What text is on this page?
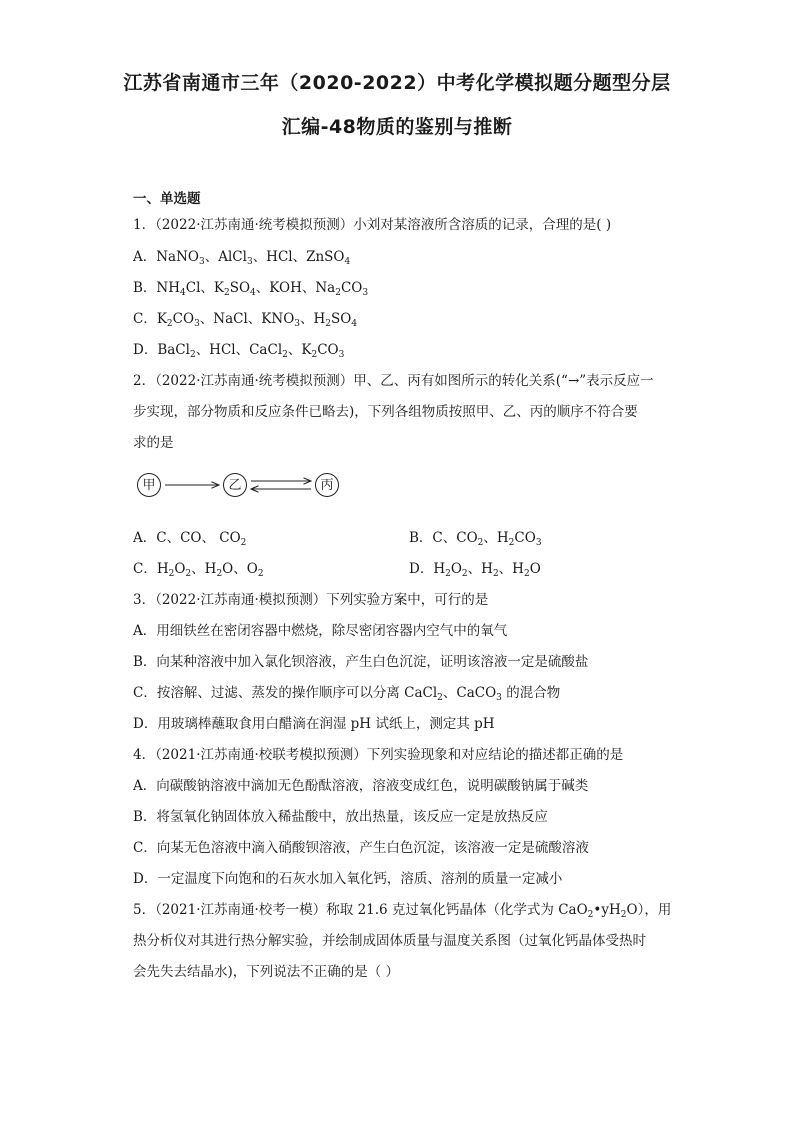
江苏省南通市三年（2020-2022）中考化学模拟题分题型分层
汇编-48物质的鉴别与推断
一、单选题
1．（2022·江苏南通·统考模拟预测）小刘对某溶液所含溶质的记录，合理的是( )
A．NaNO$_3$、AlCl$_3$、HCl、ZnSO$_4$
B．$NH_4Cl$、$K_2SO_4$、KOH、$Na_2CO_3$
C．$K_2CO_3$、NaCl、$KNO_3$、$H_2SO_4$
D．BaCl$_2$、HCl、CaCl$_2$、$K_2CO_3$
2．（2022·江苏南通·统考模拟预测）甲、乙、丙有如图所示的转化关系(“→”表示反应一
步实现，部分物质和反应条件已略去)，下列各组物质按照甲、乙、丙的顺序不符合要
求的是
甲	乙	丙
A．C、CO、 $CO_2$	B．C、$CO_2$、$H_2CO_3$
C．$H_2O_2$、$H_2O$、$O_2$	D．$H_2O_2$、$H_2$、$H_2O$
3．（2022·江苏南通·模拟预测）下列实验方案中，可行的是
A．用细铁丝在密闭容器中燃烧，除尽密闭容器内空气中的氧气
B．向某种溶液中加入氯化钡溶液，产生白色沉淀，证明该溶液一定是硫酸盐
C．按溶解、过滤、蒸发的操作顺序可以分离 CaCl$_2$、CaCO$_3$ 的混合物
D．用玻璃棒蘸取食用白醋滴在润湿 pH 试纸上，测定其 pH
4．（2021·江苏南通·校联考模拟预测）下列实验现象和对应结论的描述都正确的是
A．向碳酸钠溶液中滴加无色酚酞溶液，溶液变成红色，说明碳酸钠属于碱类
B．将氢氧化钠固体放入稀盐酸中，放出热量，该反应一定是放热反应
C．向某无色溶液中滴入硝酸钡溶液，产生白色沉淀，该溶液一定是硫酸溶液
D．一定温度下向饱和的石灰水加入氧化钙，溶质、溶剂的质量一定减小
5．（2021·江苏南通·校考一模）称取 21.6 克过氧化钙晶体（化学式为 $CaO_2•yH_2O$），用
热分析仪对其进行热分解实验，并绘制成固体质量与温度关系图（过氧化钙晶体受热时
会先失去结晶水)，下列说法不正确的是（ ）
